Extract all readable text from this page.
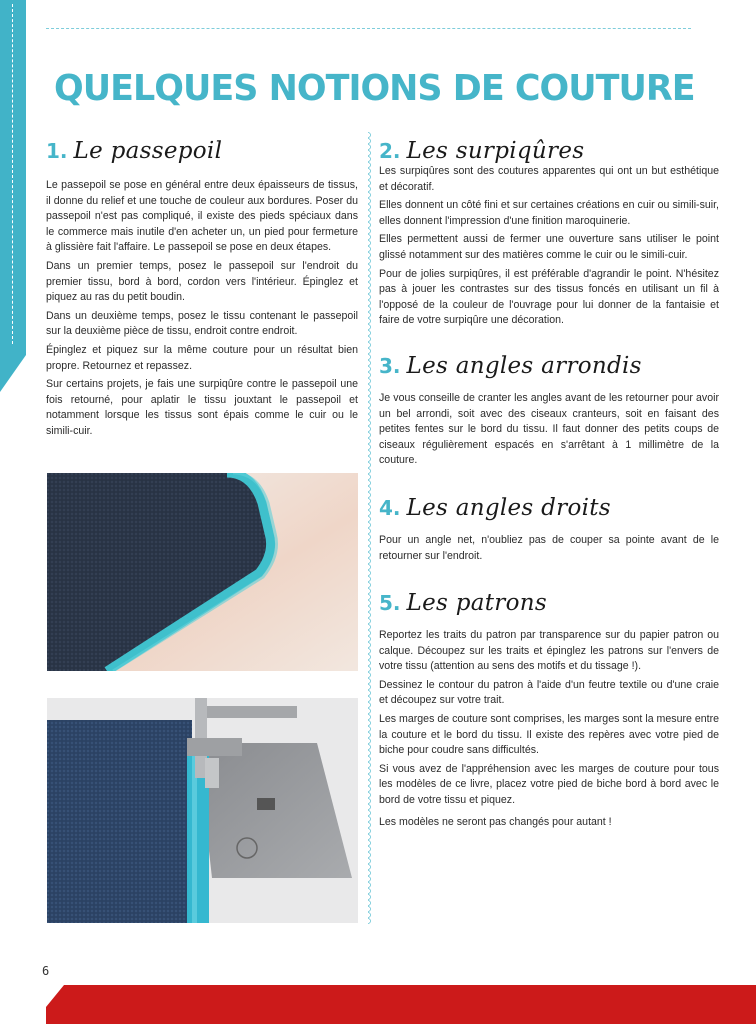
QUELQUES NOTIONS DE COUTURE
1. Le passepoil

Le passepoil se pose en général entre deux épaisseurs de tissus, il donne du relief et une touche de couleur aux bordures. Poser du passepoil n'est pas compliqué, il existe des pieds spéciaux dans le commerce mais inutile d'en acheter un, un pied pour fermeture à glissière fait l'affaire. Le passepoil se pose en deux étapes.

Dans un premier temps, posez le passepoil sur l'endroit du premier tissu, bord à bord, cordon vers l'intérieur. Épinglez et piquez au ras du petit boudin.

Dans un deuxième temps, posez le tissu contenant le passepoil sur la deuxième pièce de tissu, endroit contre endroit.

Épinglez et piquez sur la même couture pour un résultat bien propre. Retournez et repassez.

Sur certains projets, je fais une surpiqûre contre le passepoil une fois retourné, pour aplatir le tissu jouxtant le passepoil et notamment lorsque les tissus sont épais comme le cuir ou le simili-cuir.

2. Les surpiqûres

Les surpiqûres sont des coutures apparentes qui ont un but esthétique et décoratif.

Elles donnent un côté fini et sur certaines créations en cuir ou simili-suir, elles donnent l'impression d'une finition maroquinerie.

Elles permettent aussi de fermer une ouverture sans utiliser le point glissé notamment sur des matières comme le cuir ou le simili-cuir.

Pour de jolies surpiqûres, il est préférable d'agrandir le point. N'hésitez pas à jouer les contrastes sur des tissus foncés en utilisant un fil à l'opposé de la couleur de l'ouvrage pour lui donner de la fantaisie et faire de votre surpiqûre une décoration.

3. Les angles arrondis

Je vous conseille de cranter les angles avant de les retourner pour avoir un bel arrondi, soit avec des ciseaux cranteurs, soit en faisant des petites fentes sur le bord du tissu. Il faut donner des petits coups de ciseaux régulièrement espacés en s'arrêtant à 1 millimètre de la couture.

4. Les angles droits

Pour un angle net, n'oubliez pas de couper sa pointe avant de le retourner sur l'endroit.

5. Les patrons

Reportez les traits du patron par transparence sur du papier patron ou calque. Découpez sur les traits et épinglez les patrons sur l'envers de votre tissu (attention au sens des motifs et du tissage !).

Dessinez le contour du patron à l'aide d'un feutre textile ou d'une craie et découpez sur votre trait.

Les marges de couture sont comprises, les marges sont la mesure entre la couture et le bord du tissu. Il existe des repères avec votre pied de biche pour coudre sans difficultés.

Si vous avez de l'appréhension avec les marges de couture pour tous les modèles de ce livre, placez votre pied de biche bord à bord avec le bord de votre tissu et piquez.

Les modèles ne seront pas changés pour autant !

6
